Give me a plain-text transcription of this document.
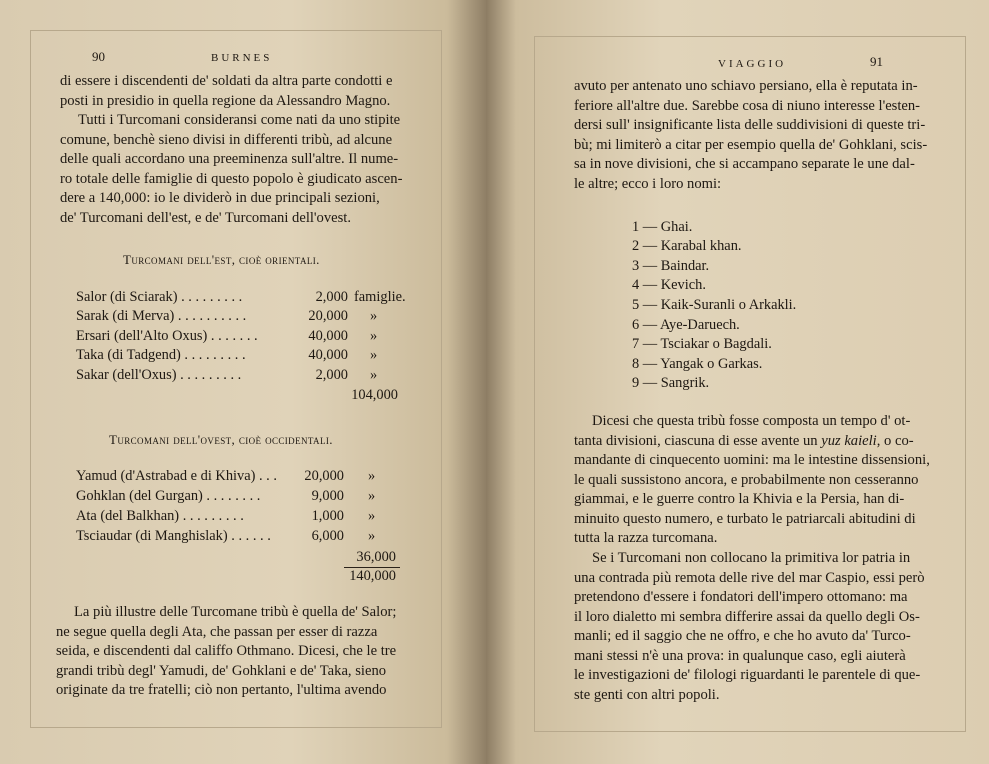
90	BURNES

di essere i discendenti de' soldati da altra parte condotti e

posti in presidio in quella regione da Alessandro Magno.

Tutti i Turcomani consideransi come nati da uno stipite

comune, benchè sieno divisi in differenti tribù, ad alcune

delle quali accordano una preeminenza sull'altre. Il nume-

ro totale delle famiglie di questo popolo è giudicato ascen-

dere a 140,000: io le dividerò in due principali sezioni,

de' Turcomani dell'est, e de' Turcomani dell'ovest.

Turcomani dell'est, cioè orientali.
Salor (di Sciarak) . . . . . . . . .	2,000 famiglie.
Sarak (di Merva) . . . . . . . . . .	20,000 »
Ersari (dell'Alto Oxus) . . . . . . .	40,000 »
Taka (di Tadgend) . . . . . . . . .	40,000 »
Sakar (dell'Oxus) . . . . . . . . .	2,000 »
104,000
Turcomani dell'ovest, cioè occidentali.
Yamud (d'Astrabad e di Khiva) . . .	20,000 »
Gohklan (del Gurgan) . . . . . . . .	9,000 »
Ata (del Balkhan) . . . . . . . . .	1,000 »
Tsciaudar (di Manghislak) . . . . . .	6,000 »
36,000
140,000

La più illustre delle Turcomane tribù è quella de' Salor;

ne segue quella degli Ata, che passan per esser di razza

seida, e discendenti dal califfo Othmano. Dicesi, che le tre

grandi tribù degl' Yamudi, de' Gohklani e de' Taka, sieno

originate da tre fratelli; ciò non pertanto, l'ultima avendo

VIAGGIO	91

avuto per antenato uno schiavo persiano, ella è reputata in-

feriore all'altre due. Sarebbe cosa di niuno interesse l'esten-

dersi sull' insignificante lista delle suddivisioni di queste tri-

bù; mi limiterò a citar per esempio quella de' Gohklani, scis-

sa in nove divisioni, che si accampano separate le une dal-

le altre; ecco i loro nomi:

1 — Ghai.
2 — Karabal khan.
3 — Baindar.
4 — Kevich.
5 — Kaik-Suranli o Arkakli.
6 — Aye-Daruech.
7 — Tsciakar o Bagdali.
8 — Yangak o Garkas.
9 — Sangrik.

Dicesi che questa tribù fosse composta un tempo d' ot-

tanta divisioni, ciascuna di esse avente un yuz kaieli, o co-

mandante di cinquecento uomini: ma le intestine dissensioni,

le quali sussistono ancora, e probabilmente non cesseranno

giammai, e le guerre contro la Khivia e la Persia, han di-

minuito questo numero, e turbato le patriarcali abitudini di

tutta la razza turcomana.

Se i Turcomani non collocano la primitiva lor patria in

una contrada più remota delle rive del mar Caspio, essi però

pretendono d'essere i fondatori dell'impero ottomano: ma

il loro dialetto mi sembra differire assai da quello degli Os-

manli; ed il saggio che ne offro, e che ho avuto da' Turco-

mani stessi n'è una prova: in qualunque caso, egli aiuterà

le investigazioni de' filologi riguardanti le parentele di que-

ste genti con altri popoli.
